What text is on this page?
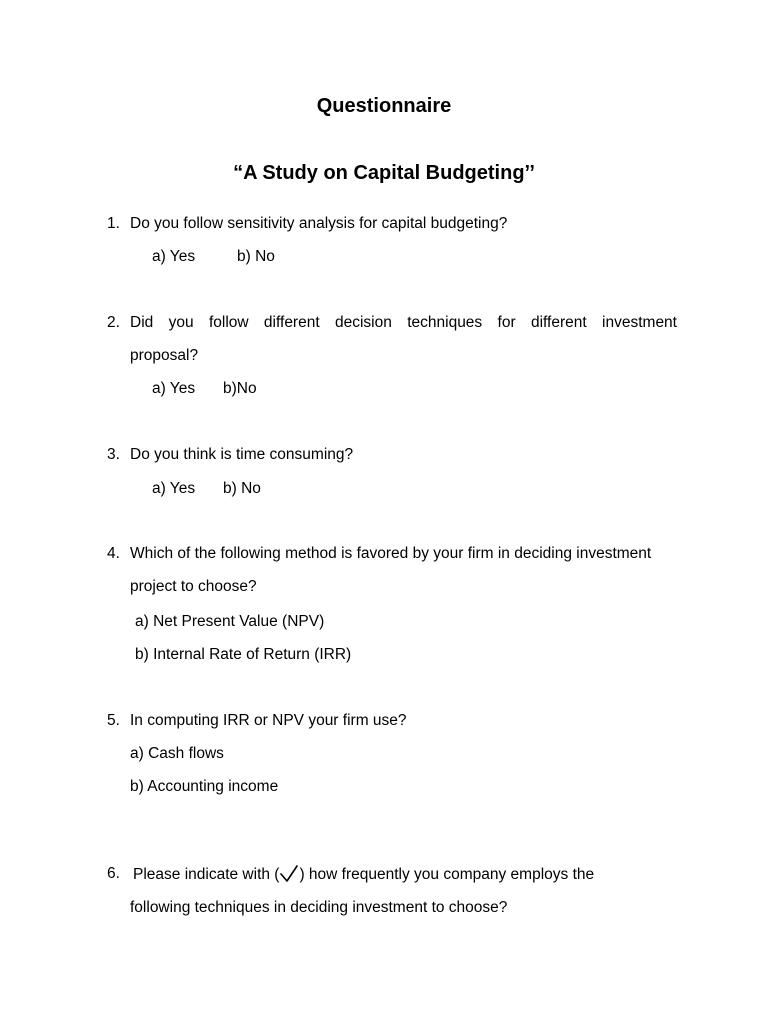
Questionnaire
“A Study on Capital Budgeting’’
1. Do you follow sensitivity analysis for capital budgeting?
a) Yes	b) No
2. Did you follow different decision techniques for different investment
proposal?
a) Yes b)No
3. Do you think is time consuming?
a) Yes b) No
4. Which of the following method is favored by your firm in deciding investment
project to choose?
a) Net Present Value (NPV)
b) Internal Rate of Return (IRR)
5. In computing IRR or NPV your firm use?
a) Cash flows
b) Accounting income
6. Please indicate with ( ) how frequently you company employs the
following techniques in deciding investment to choose?
